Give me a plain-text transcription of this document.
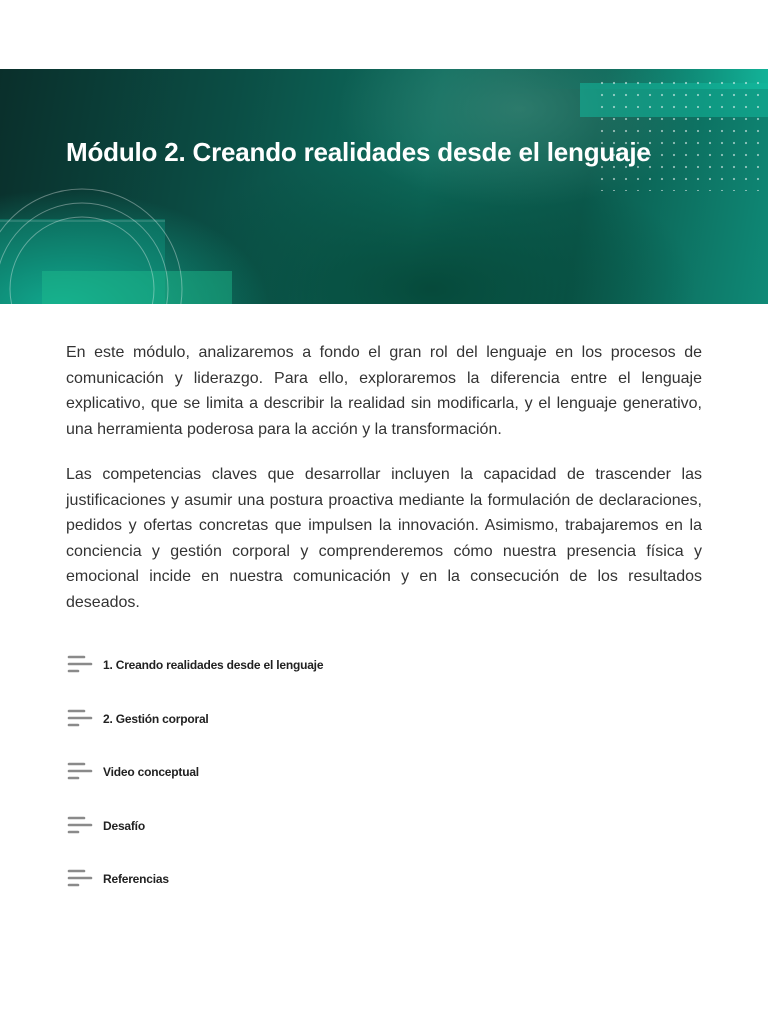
Módulo 2. Creando realidades desde el lenguaje

En este módulo, analizaremos a fondo el gran rol del lenguaje en los procesos de comunicación y liderazgo. Para ello, exploraremos la diferencia entre el lenguaje explicativo, que se limita a describir la realidad sin modificarla, y el lenguaje generativo, una herramienta poderosa para la acción y la transformación.

Las competencias claves que desarrollar incluyen la capacidad de trascender las justificaciones y asumir una postura proactiva mediante la formulación de declaraciones, pedidos y ofertas concretas que impulsen la innovación. Asimismo, trabajaremos en la conciencia y gestión corporal y comprenderemos cómo nuestra presencia física y emocional incide en nuestra comunicación y en la consecución de los resultados deseados.

1. Creando realidades desde el lenguaje
2. Gestión corporal
Video conceptual
Desafío
Referencias
